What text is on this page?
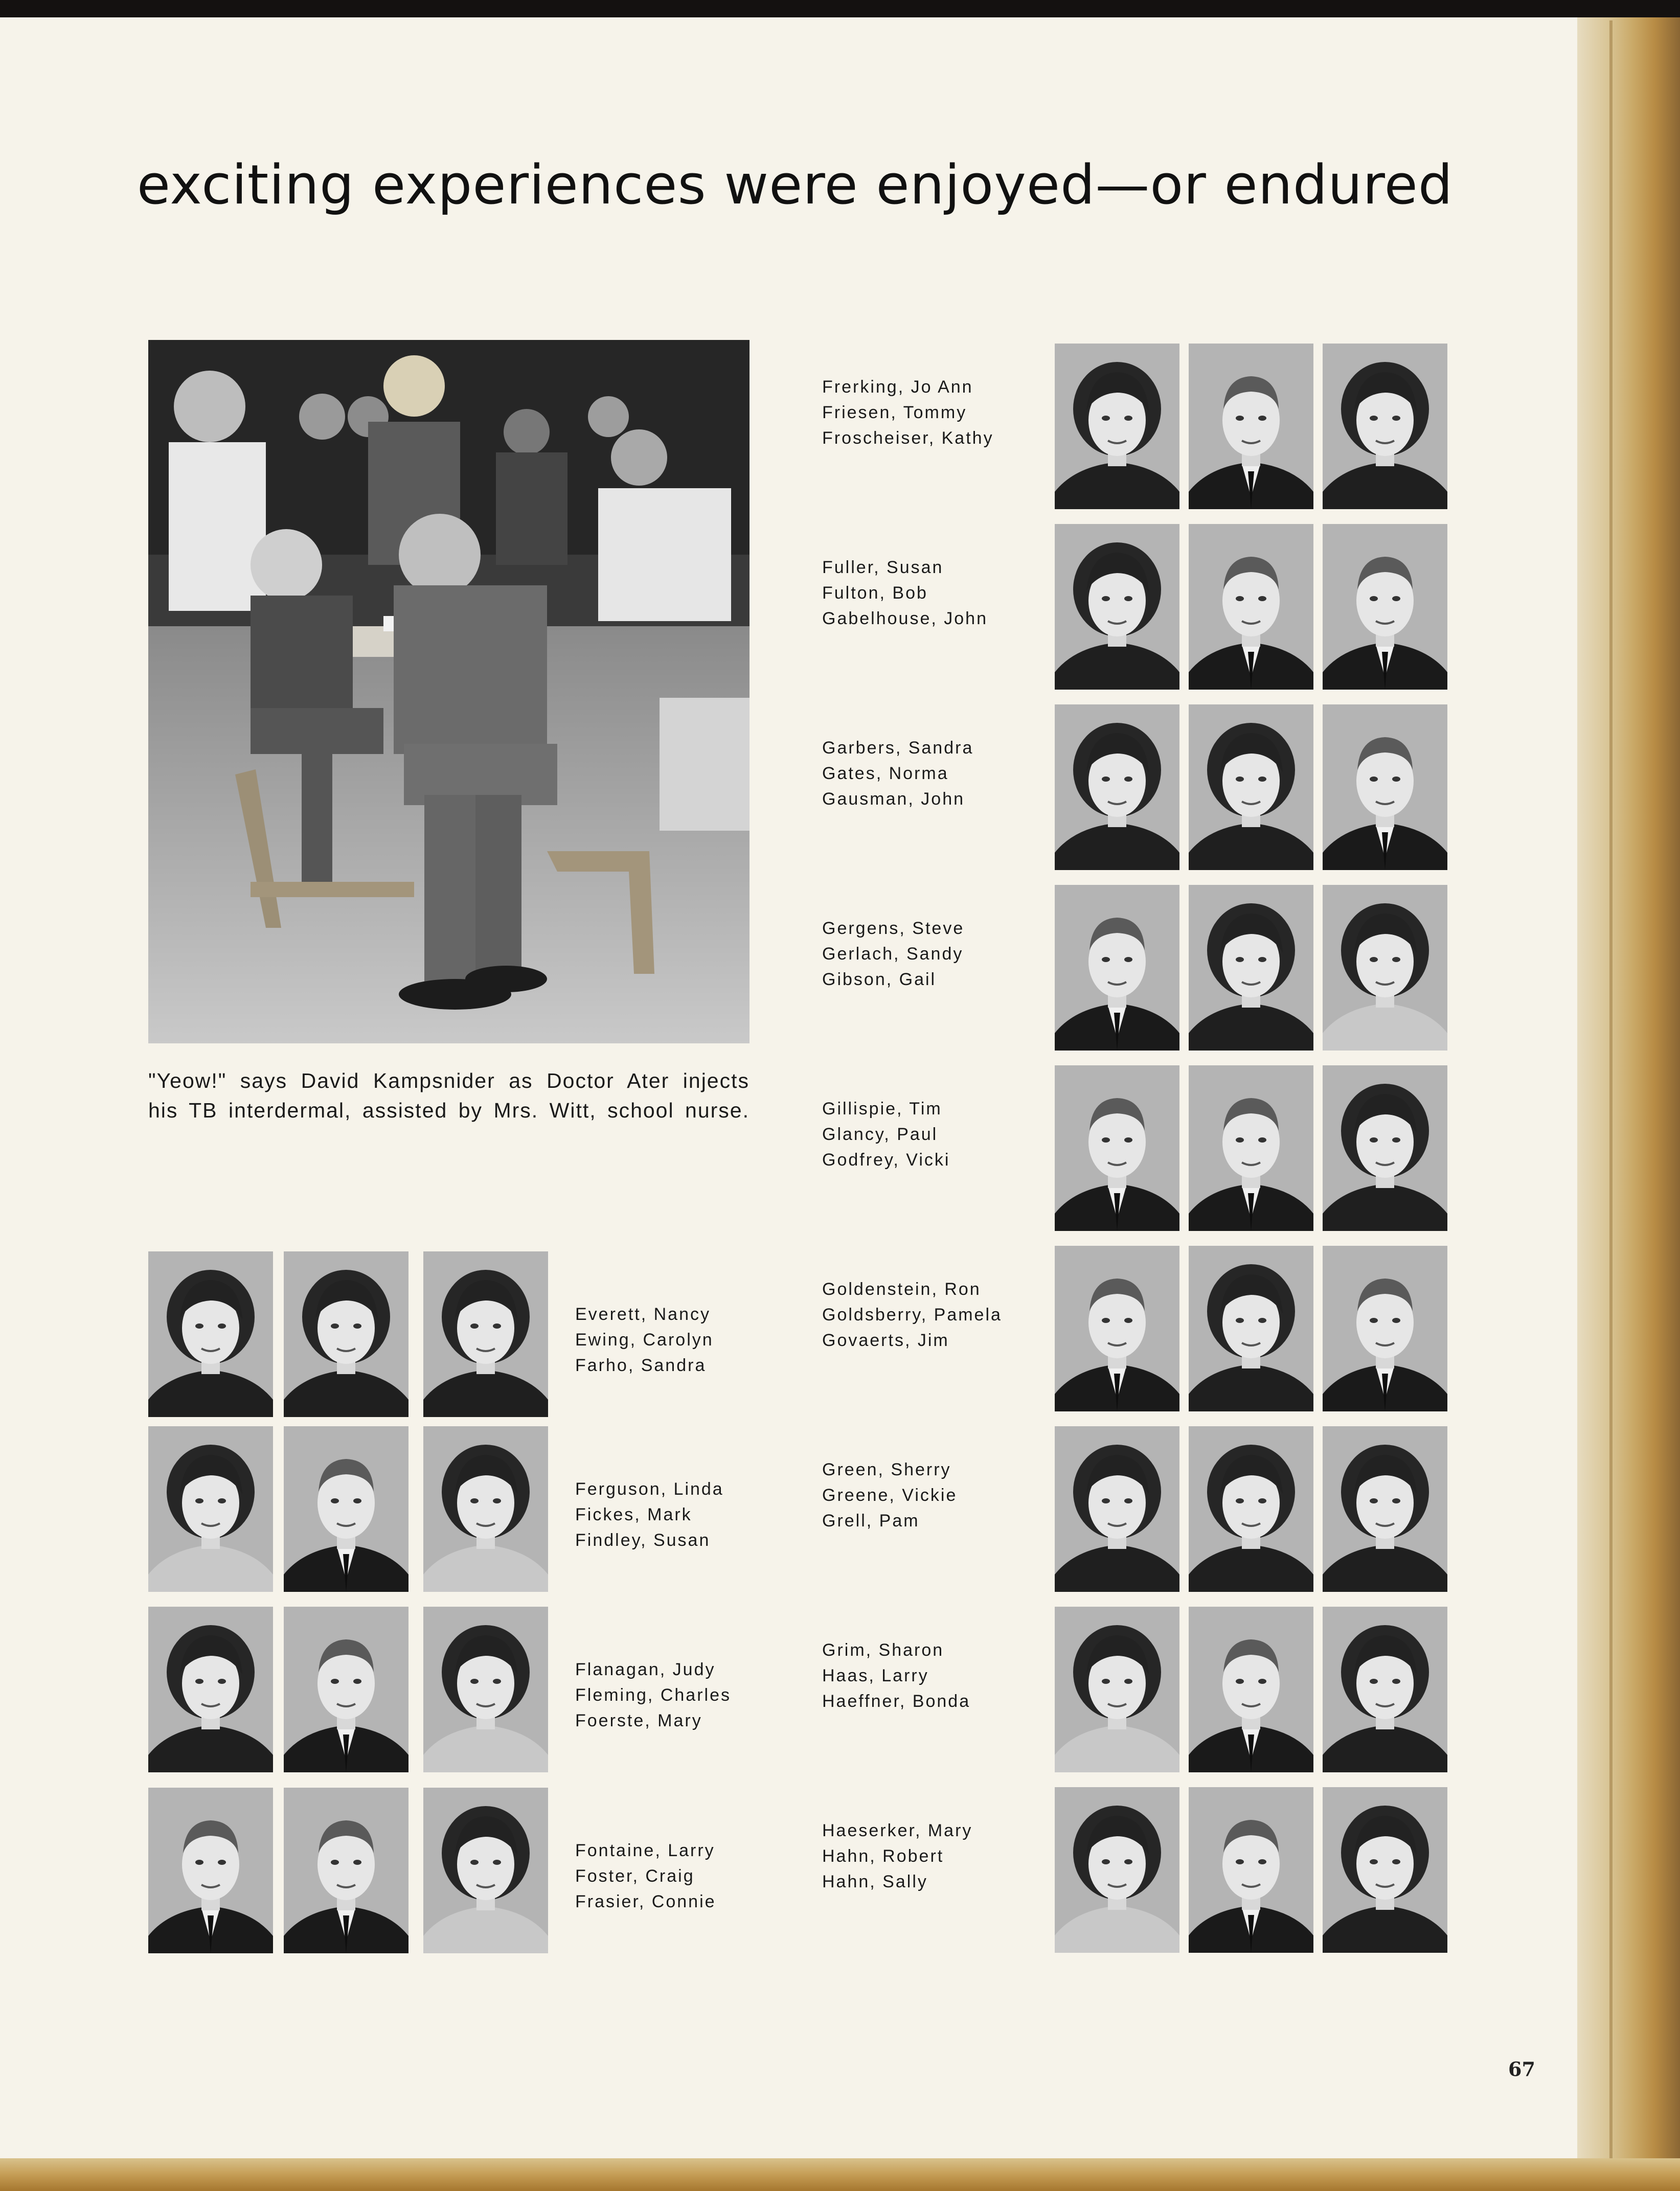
exciting experiences were enjoyed—or endured

"Yeow!" says David Kampsnider as Doctor Ater injects
his TB interdermal, assisted by Mrs. Witt, school nurse.

Everett, Nancy
Ewing, Carolyn
Farho, Sandra
Ferguson, Linda
Fickes, Mark
Findley, Susan
Flanagan, Judy
Fleming, Charles
Foerste, Mary
Fontaine, Larry
Foster, Craig
Frasier, Connie
Frerking, Jo Ann
Friesen, Tommy
Froscheiser, Kathy
Fuller, Susan
Fulton, Bob
Gabelhouse, John
Garbers, Sandra
Gates, Norma
Gausman, John
Gergens, Steve
Gerlach, Sandy
Gibson, Gail
Gillispie, Tim
Glancy, Paul
Godfrey, Vicki
Goldenstein, Ron
Goldsberry, Pamela
Govaerts, Jim
Green, Sherry
Greene, Vickie
Grell, Pam
Grim, Sharon
Haas, Larry
Haeffner, Bonda
Haeserker, Mary
Hahn, Robert
Hahn, Sally
67
